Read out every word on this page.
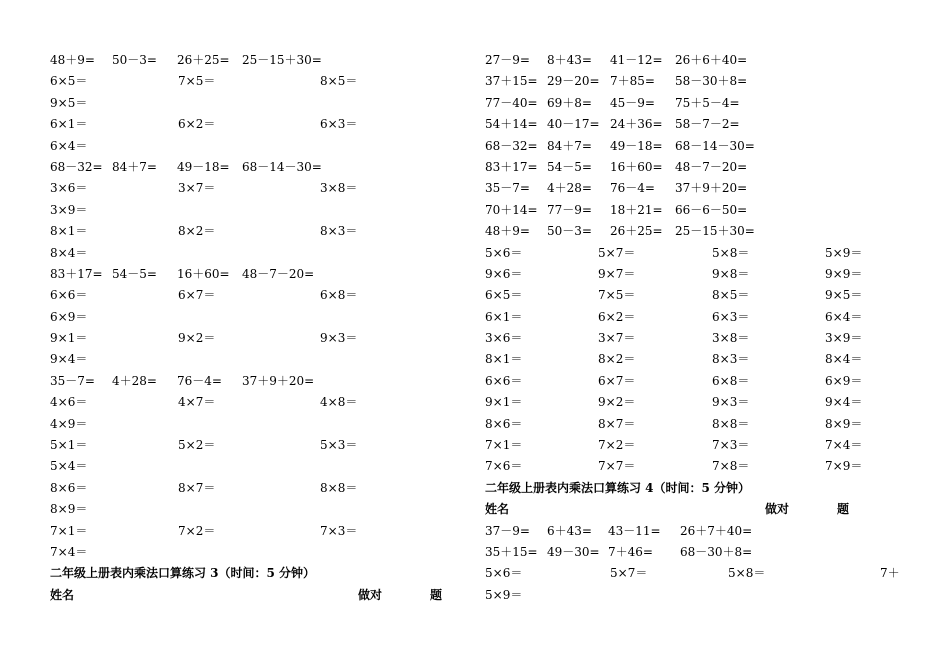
48＋9= 50－3= 26＋25= 25－15＋30=
6×5＝	7×5＝	8×5＝
9×5＝
6×1＝	6×2＝	6×3＝
6×4＝
68－32= 84＋7= 49－18= 68－14－30=
3×6＝	3×7＝	3×8＝
3×9＝
8×1＝	8×2＝	8×3＝
8×4＝
83＋17= 54－5= 16＋60= 48－7－20=
6×6＝	6×7＝	6×8＝
6×9＝
9×1＝	9×2＝	9×3＝
9×4＝
35－7= 4＋28= 76－4= 37＋9＋20=
4×6＝	4×7＝	4×8＝
4×9＝
5×1＝	5×2＝	5×3＝
5×4＝
8×6＝	8×7＝	8×8＝
8×9＝
7×1＝	7×2＝	7×3＝
7×4＝
二年级上册表内乘法口算练习 3（时间：5 分钟）
姓名	做对	题
27－9= 8＋43= 41－12= 26＋6＋40=
37＋15= 29－20= 7＋85= 58－30＋8=
77－40= 69＋8= 45－9= 75＋5－4=
54＋14= 40－17= 24＋36= 58－7－2=
68－32= 84＋7= 49－18= 68－14－30=
83＋17= 54－5= 16＋60= 48－7－20=
35－7= 4＋28= 76－4= 37＋9＋20=
70＋14= 77－9= 18＋21= 66－6－50=
48＋9= 50－3= 26＋25= 25－15＋30=
5×6＝	5×7＝	5×8＝	5×9＝
9×6＝	9×7＝	9×8＝	9×9＝
6×5＝	7×5＝	8×5＝	9×5＝
6×1＝	6×2＝	6×3＝	6×4＝
3×6＝	3×7＝	3×8＝	3×9＝
8×1＝	8×2＝	8×3＝	8×4＝
6×6＝	6×7＝	6×8＝	6×9＝
9×1＝	9×2＝	9×3＝	9×4＝
8×6＝	8×7＝	8×8＝	8×9＝
7×1＝	7×2＝	7×3＝	7×4＝
7×6＝	7×7＝	7×8＝	7×9＝
二年级上册表内乘法口算练习 4（时间：5 分钟）
姓名	做对	题
37－9= 6＋43= 43－11= 26＋7＋40=
35＋15= 49－30= 7＋46= 68－30＋8=
5×6＝	5×7＝	5×8＝	7＋
5×9＝
